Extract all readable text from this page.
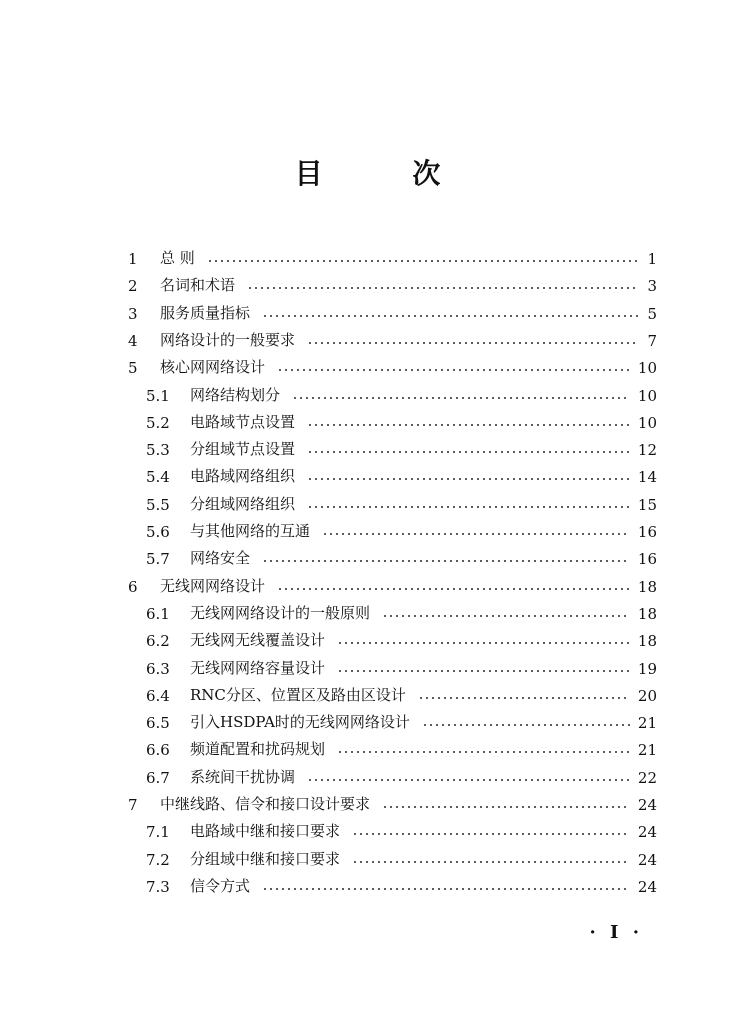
目 次
1 总 则	1
2 名词和术语	3
3 服务质量指标	5
4 网络设计的一般要求	7
5 核心网网络设计	10
5.1 网络结构划分	10
5.2 电路域节点设置	10
5.3 分组域节点设置	12
5.4 电路域网络组织	14
5.5 分组域网络组织	15
5.6 与其他网络的互通	16
5.7 网络安全	16
6 无线网网络设计	18
6.1 无线网网络设计的一般原则	18
6.2 无线网无线覆盖设计	18
6.3 无线网网络容量设计	19
6.4 RNC分区、位置区及路由区设计	20
6.5 引入HSDPA时的无线网网络设计	21
6.6 频道配置和扰码规划	21
6.7 系统间干扰协调	22
7 中继线路、信令和接口设计要求	24
7.1 电路域中继和接口要求	24
7.2 分组域中继和接口要求	24
7.3 信令方式	24
· I ·
